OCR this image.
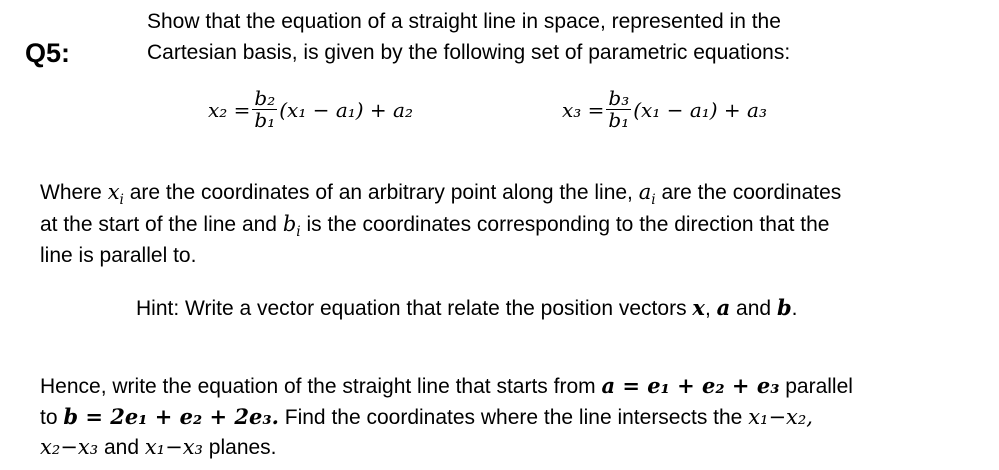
Q5:
Show that the equation of a straight line in space, represented in the
Cartesian basis, is given by the following set of parametric equations:
$x_2 = \frac{\text{b₂}}{\text{b₁}} (x_1 - a_1) + a_2$	$x_3 = \frac{\text{b₃}}{\text{b₁}} (x_1 - a_1) + a_3$
Where $x_i$ are the coordinates of an arbitrary point along the line, $a_i$ are the coordinates
at the start of the line and $b_i$ is the coordinates corresponding to the direction that the
line is parallel to.
Hint: Write a vector equation that relate the position vectors x, a and b.
Hence, write the equation of the straight line that starts from a = e₁ + e₂ + e₃ parallel
to b = 2e₁ + e₂ + 2e₃. Find the coordinates where the line intersects the x₁−x₂,
x₂−x₃ and x₁−x₃ planes.
